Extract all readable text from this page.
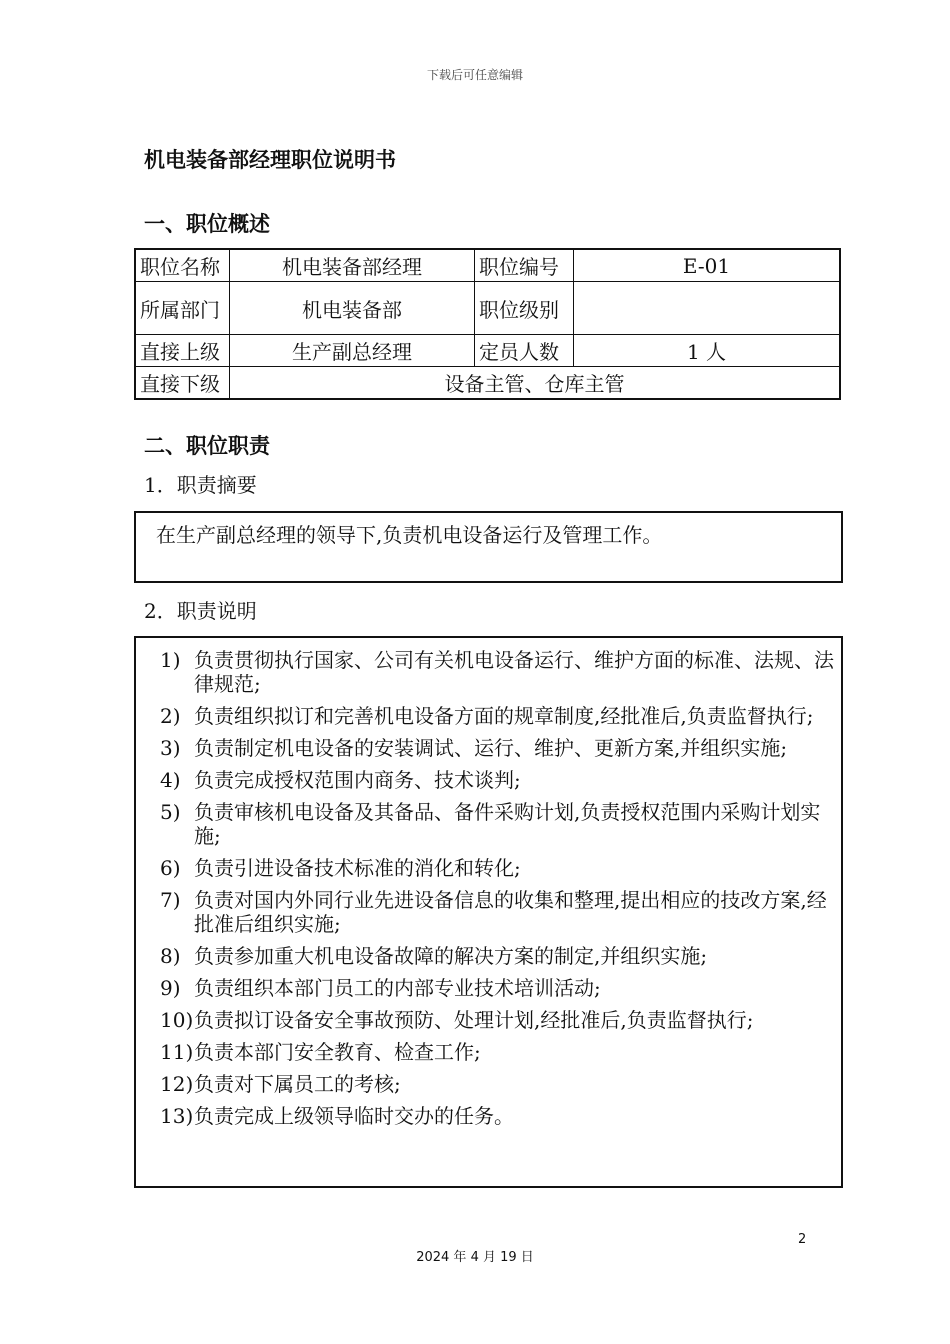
下载后可任意编辑
机电装备部经理职位说明书
一、职位概述
职位名称	机电装备部经理	职位编号	E-01
所属部门	机电装备部	职位级别	
直接上级	生产副总经理	定员人数	1 人
直接下级	设备主管、仓库主管		
二、职位职责
1．职责摘要
在生产副总经理的领导下,负责机电设备运行及管理工作。
2．职责说明
1) 负责贯彻执行国家、公司有关机电设备运行、维护方面的标准、法规、法律规范;
2) 负责组织拟订和完善机电设备方面的规章制度,经批准后,负责监督执行;
3) 负责制定机电设备的安装调试、运行、维护、更新方案,并组织实施;
4) 负责完成授权范围内商务、技术谈判;
5) 负责审核机电设备及其备品、备件采购计划,负责授权范围内采购计划实施;
6) 负责引进设备技术标准的消化和转化;
7) 负责对国内外同行业先进设备信息的收集和整理,提出相应的技改方案,经批准后组织实施;
8) 负责参加重大机电设备故障的解决方案的制定,并组织实施;
9) 负责组织本部门员工的内部专业技术培训活动;
10) 负责拟订设备安全事故预防、处理计划,经批准后,负责监督执行;
11) 负责本部门安全教育、检查工作;
12) 负责对下属员工的考核;
13) 负责完成上级领导临时交办的任务。
2
2024 年 4 月 19 日
